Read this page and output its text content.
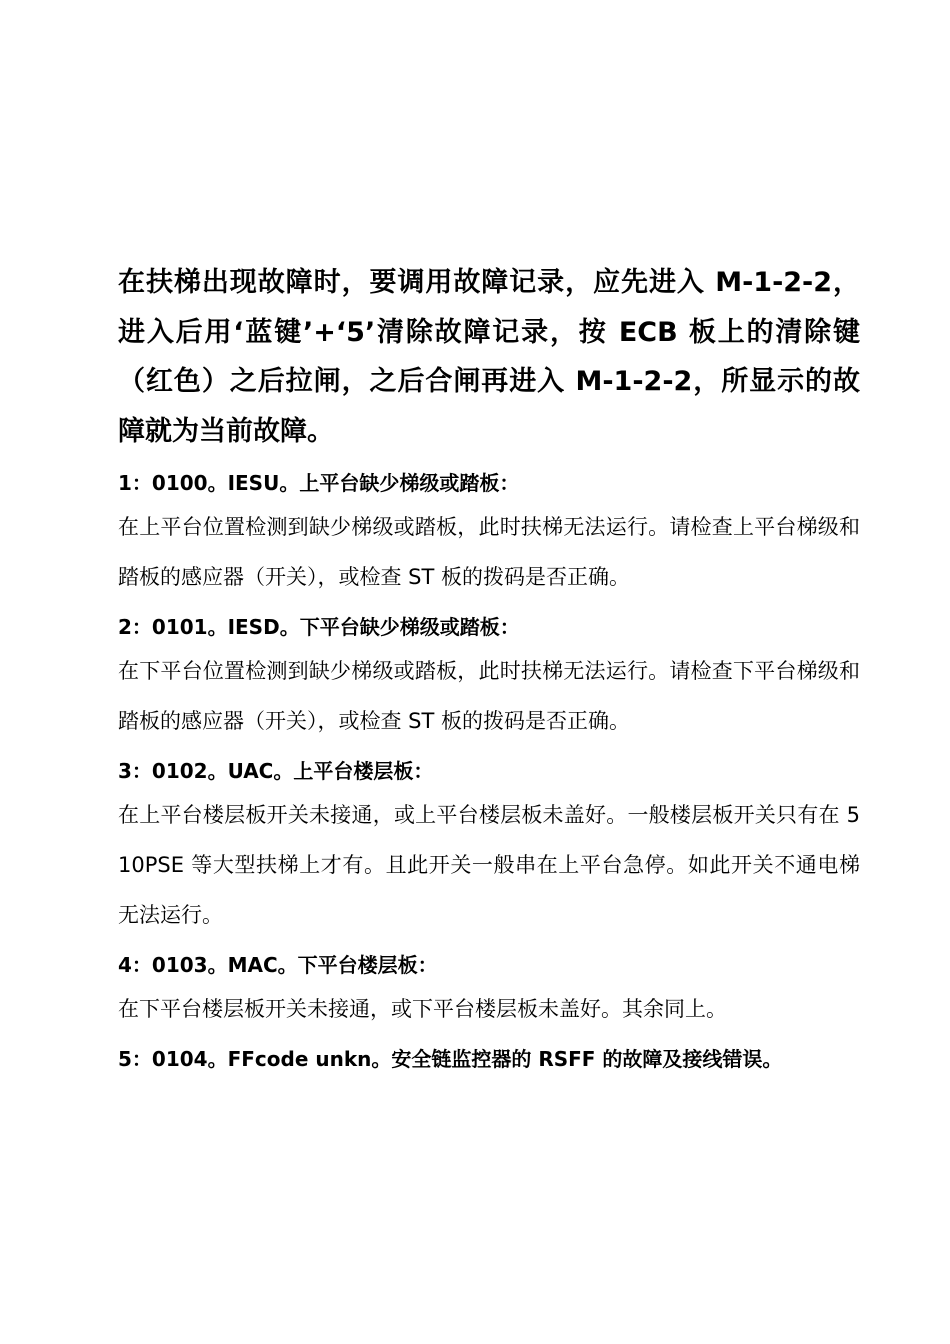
在扶梯出现故障时，要调用故障记录，应先进入 M-1-2-2，进入后用‘蓝键’+‘5’清除故障记录，按 ECB 板上的清除键（红色）之后拉闸，之后合闸再进入 M-1-2-2，所显示的故障就为当前故障。

1：0100。IESU。上平台缺少梯级或踏板：

在上平台位置检测到缺少梯级或踏板，此时扶梯无法运行。请检查上平台梯级和踏板的感应器（开关），或检查 ST 板的拨码是否正确。

2：0101。IESD。下平台缺少梯级或踏板：

在下平台位置检测到缺少梯级或踏板，此时扶梯无法运行。请检查下平台梯级和踏板的感应器（开关），或检查 ST 板的拨码是否正确。

3：0102。UAC。上平台楼层板：

在上平台楼层板开关未接通，或上平台楼层板未盖好。一般楼层板开关只有在 510PSE 等大型扶梯上才有。且此开关一般串在上平台急停。如此开关不通电梯无法运行。

4：0103。MAC。下平台楼层板：

在下平台楼层板开关未接通，或下平台楼层板未盖好。其余同上。

5：0104。FFcode unkn。安全链监控器的 RSFF 的故障及接线错误。
